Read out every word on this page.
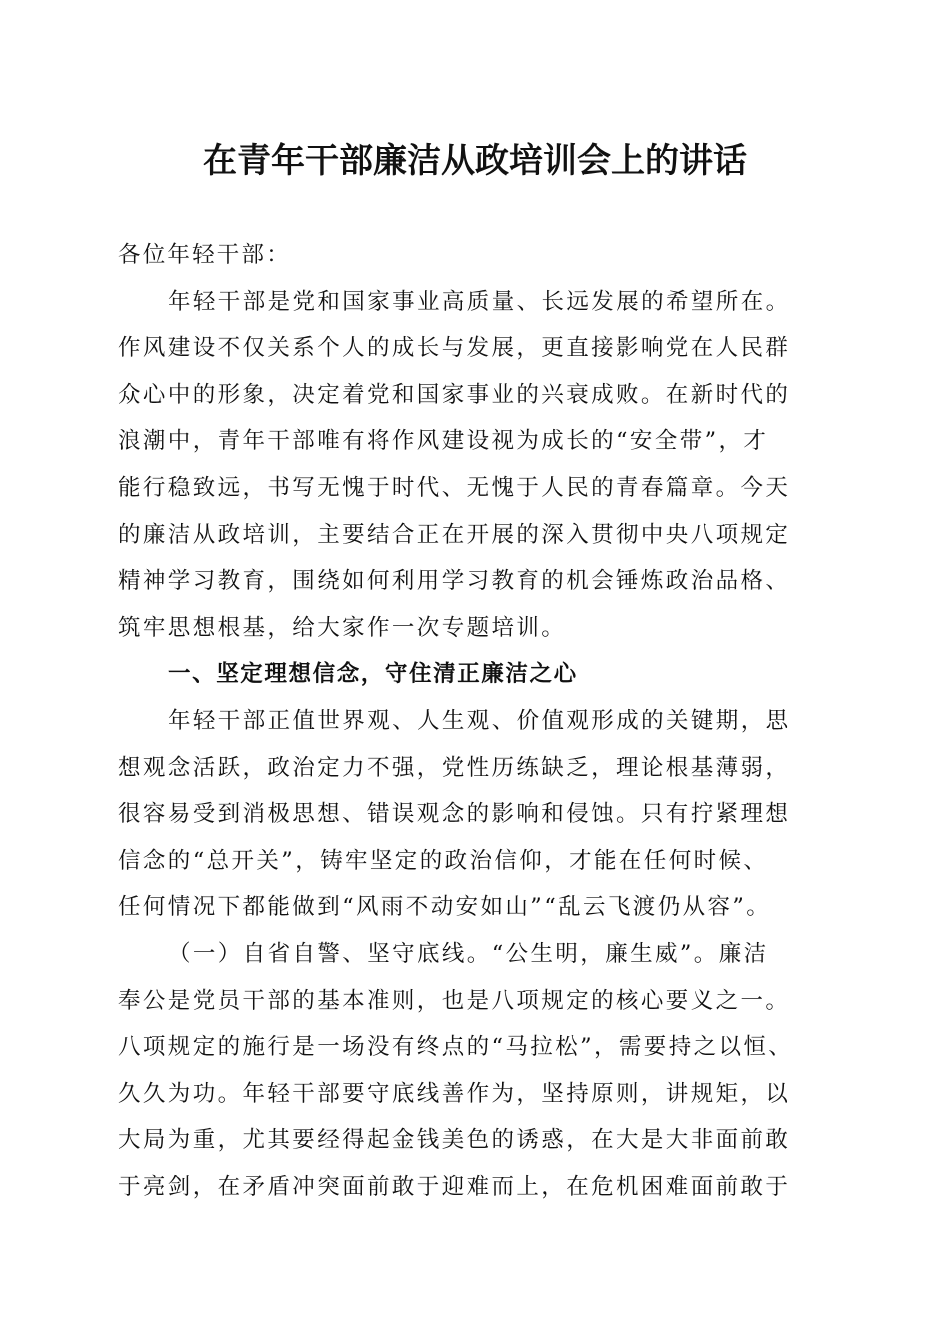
在青年干部廉洁从政培训会上的讲话
各位年轻干部：
年轻干部是党和国家事业高质量、长远发展的希望所在。
作风建设不仅关系个人的成长与发展，更直接影响党在人民群
众心中的形象，决定着党和国家事业的兴衰成败。在新时代的
浪潮中，青年干部唯有将作风建设视为成长的“安全带”，才
能行稳致远，书写无愧于时代、无愧于人民的青春篇章。今天
的廉洁从政培训，主要结合正在开展的深入贯彻中央八项规定
精神学习教育，围绕如何利用学习教育的机会锤炼政治品格、
筑牢思想根基，给大家作一次专题培训。
一、坚定理想信念，守住清正廉洁之心
年轻干部正值世界观、人生观、价值观形成的关键期，思
想观念活跃，政治定力不强，党性历练缺乏，理论根基薄弱，
很容易受到消极思想、错误观念的影响和侵蚀。只有拧紧理想
信念的“总开关”，铸牢坚定的政治信仰，才能在任何时候、
任何情况下都能做到“风雨不动安如山”“乱云飞渡仍从容”。
（一）自省自警、坚守底线。“公生明，廉生威”。廉洁
奉公是党员干部的基本准则，也是八项规定的核心要义之一。
八项规定的施行是一场没有终点的“马拉松”，需要持之以恒、
久久为功。年轻干部要守底线善作为，坚持原则，讲规矩，以
大局为重，尤其要经得起金钱美色的诱惑，在大是大非面前敢
于亮剑，在矛盾冲突面前敢于迎难而上，在危机困难面前敢于
